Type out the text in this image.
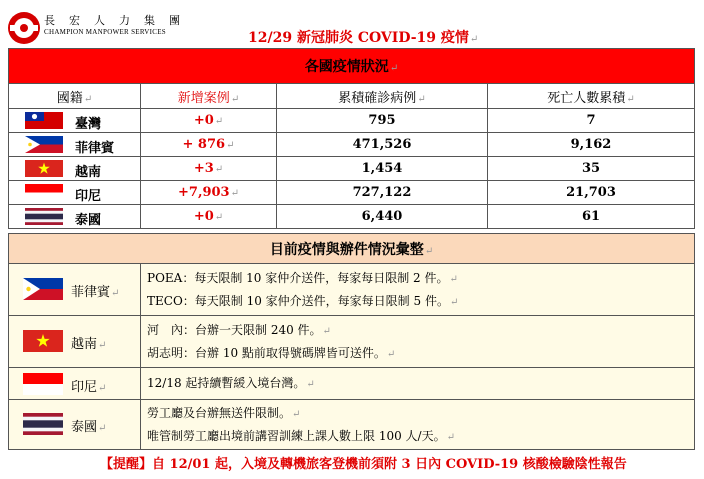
長宏人力集團
CHAMPION MANPOWER SERVICES	12/29 新冠肺炎 COVID-19 疫情↵
各國疫情狀況↵			
國籍↵	新增案例↵	累積確診病例↵	死亡人數累積↵

臺灣	+0↵	795	7

菲律賓	+ 876↵	471,526	9,162

越南	+3↵	1,454	35

印尼	+7,903↵	727,122	21,703

泰國	+0↵	6,440	61
目前疫情與辦件情況彙整↵	

菲律賓↵	POEA：每天限制 10 家仲介送件，每家每日限制 2 件。↵
TECO：每天限制 10 家仲介送件，每家每日限制 5 件。↵

越南↵	河　內：台辦一天限制 240 件。↵
胡志明：台辦 10 點前取得號碼牌皆可送件。↵

印尼↵	12/18 起持續暫緩入境台灣。↵

泰國↵	勞工廳及台辦無送件限制。↵
唯管制勞工廳出境前講習訓練上課人數上限 100 人/天。↵
【提醒】自 12/01 起，入境及轉機旅客登機前須附 3 日內 COVID-19 核酸檢驗陰性報告
